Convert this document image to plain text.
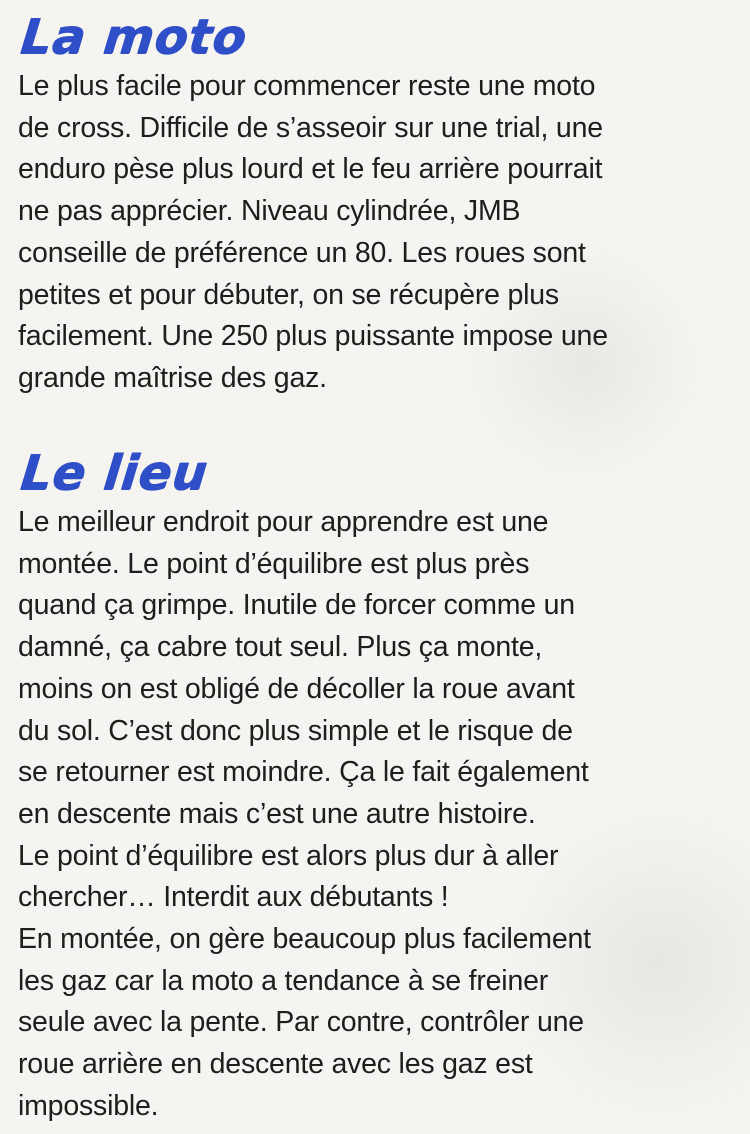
La moto

Le plus facile pour commencer reste une moto
de cross. Difficile de s’asseoir sur une trial, une
enduro pèse plus lourd et le feu arrière pourrait
ne pas apprécier. Niveau cylindrée, JMB
conseille de préférence un 80. Les roues sont
petites et pour débuter, on se récupère plus
facilement. Une 250 plus puissante impose une
grande maîtrise des gaz.

Le lieu

Le meilleur endroit pour apprendre est une
montée. Le point d’équilibre est plus près
quand ça grimpe. Inutile de forcer comme un
damné, ça cabre tout seul. Plus ça monte,
moins on est obligé de décoller la roue avant
du sol. C’est donc plus simple et le risque de
se retourner est moindre. Ça le fait également
en descente mais c’est une autre histoire.
Le point d’équilibre est alors plus dur à aller
chercher… Interdit aux débutants !
En montée, on gère beaucoup plus facilement
les gaz car la moto a tendance à se freiner
seule avec la pente. Par contre, contrôler une
roue arrière en descente avec les gaz est
impossible.
